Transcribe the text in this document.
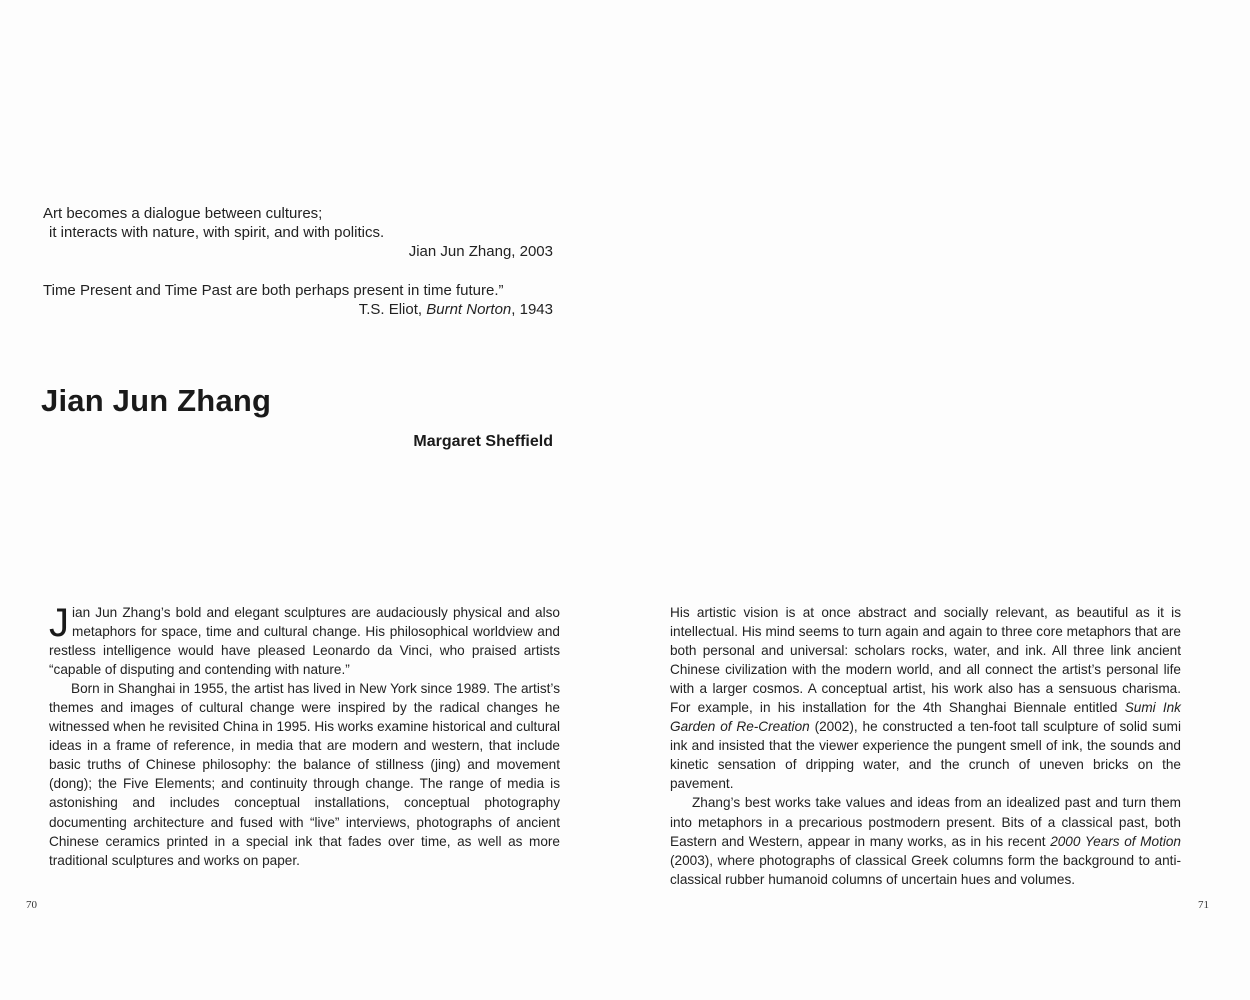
Art becomes a dialogue between cultures;
it interacts with nature, with spirit, and with politics.
Jian Jun Zhang, 2003
Time Present and Time Past are both perhaps present in time future.”
T.S. Eliot, Burnt Norton, 1943
Jian Jun Zhang
Margaret Sheffield

Jian Jun Zhang’s bold and elegant sculptures are audaciously physical and also metaphors for space, time and cultural change. His philosophical worldview and restless intelligence would have pleased Leonardo da Vinci, who praised artists “capable of disputing and contending with nature.”

Born in Shanghai in 1955, the artist has lived in New York since 1989. The artist’s themes and images of cultural change were inspired by the radical changes he witnessed when he revisited China in 1995. His works examine historical and cultural ideas in a frame of reference, in media that are modern and western, that include basic truths of Chinese philosophy: the balance of stillness (jing) and movement (dong); the Five Elements; and continuity through change. The range of media is astonishing and includes conceptual installations, conceptual photography documenting architecture and fused with “live” interviews, photographs of ancient Chinese ceramics printed in a special ink that fades over time, as well as more traditional sculptures and works on paper.

70

His artistic vision is at once abstract and socially relevant, as beautiful as it is intellectual. His mind seems to turn again and again to three core metaphors that are both personal and universal: scholars rocks, water, and ink. All three link ancient Chinese civilization with the modern world, and all connect the artist’s personal life with a larger cosmos. A conceptual artist, his work also has a sensuous charisma. For example, in his installation for the 4th Shanghai Biennale entitled Sumi Ink Garden of Re-Creation (2002), he constructed a ten-foot tall sculpture of solid sumi ink and insisted that the viewer experience the pungent smell of ink, the sounds and kinetic sensation of dripping water, and the crunch of uneven bricks on the pavement.

Zhang’s best works take values and ideas from an idealized past and turn them into metaphors in a precarious postmodern present. Bits of a classical past, both Eastern and Western, appear in many works, as in his recent 2000 Years of Motion (2003), where photographs of classical Greek columns form the background to anti-classical rubber humanoid columns of uncertain hues and volumes.

71
